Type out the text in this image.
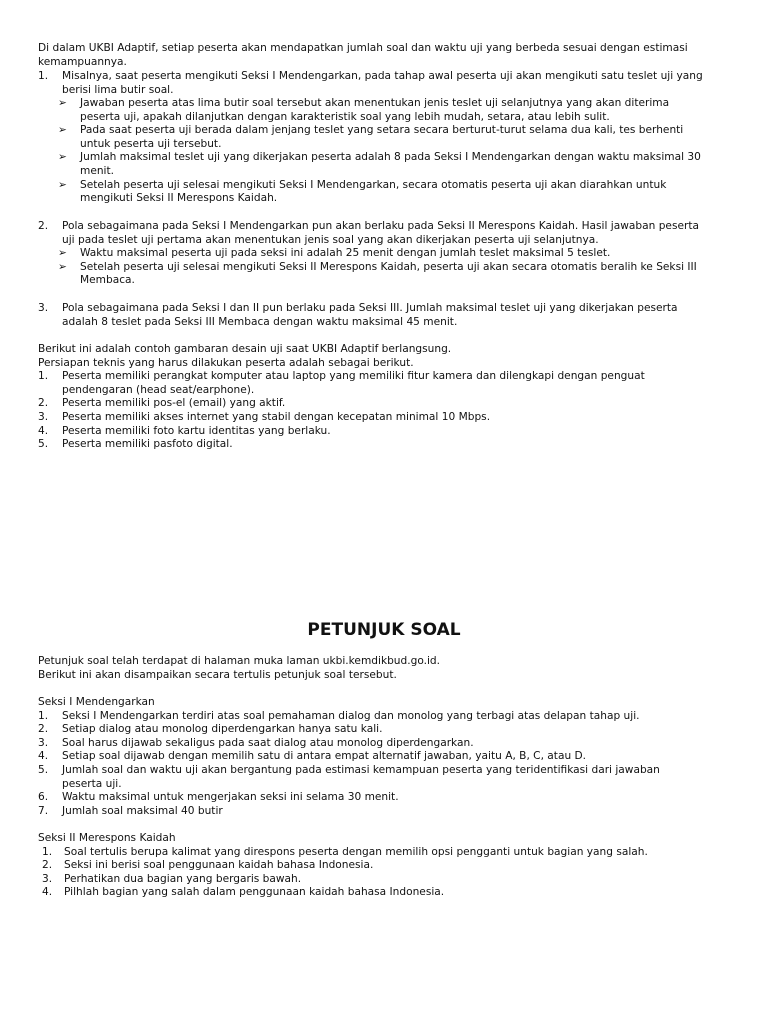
Di dalam UKBI Adaptif, setiap peserta akan mendapatkan jumlah soal dan waktu uji yang berbeda sesuai dengan estimasi
kemampuannya.
1. Misalnya, saat peserta mengikuti Seksi I Mendengarkan, pada tahap awal peserta uji akan mengikuti satu teslet uji yang
berisi lima butir soal.
➢ Jawaban peserta atas lima butir soal tersebut akan menentukan jenis teslet uji selanjutnya yang akan diterima
peserta uji, apakah dilanjutkan dengan karakteristik soal yang lebih mudah, setara, atau lebih sulit.
➢ Pada saat peserta uji berada dalam jenjang teslet yang setara secara berturut-turut selama dua kali, tes berhenti
untuk peserta uji tersebut.
➢ Jumlah maksimal teslet uji yang dikerjakan peserta adalah 8 pada Seksi I Mendengarkan dengan waktu maksimal 30
menit.
➢ Setelah peserta uji selesai mengikuti Seksi I Mendengarkan, secara otomatis peserta uji akan diarahkan untuk
mengikuti Seksi II Merespons Kaidah.
2. Pola sebagaimana pada Seksi I Mendengarkan pun akan berlaku pada Seksi II Merespons Kaidah. Hasil jawaban peserta
uji pada teslet uji pertama akan menentukan jenis soal yang akan dikerjakan peserta uji selanjutnya.
➢ Waktu maksimal peserta uji pada seksi ini adalah 25 menit dengan jumlah teslet maksimal 5 teslet.
➢ Setelah peserta uji selesai mengikuti Seksi II Merespons Kaidah, peserta uji akan secara otomatis beralih ke Seksi III
Membaca.
3. Pola sebagaimana pada Seksi I dan II pun berlaku pada Seksi III. Jumlah maksimal teslet uji yang dikerjakan peserta
adalah 8 teslet pada Seksi III Membaca dengan waktu maksimal 45 menit.
Berikut ini adalah contoh gambaran desain uji saat UKBI Adaptif berlangsung.
Persiapan teknis yang harus dilakukan peserta adalah sebagai berikut.
1. Peserta memiliki perangkat komputer atau laptop yang memiliki fitur kamera dan dilengkapi dengan penguat
pendengaran (head seat/earphone).
2. Peserta memiliki pos-el (email) yang aktif.
3. Peserta memiliki akses internet yang stabil dengan kecepatan minimal 10 Mbps.
4. Peserta memiliki foto kartu identitas yang berlaku.
5. Peserta memiliki pasfoto digital.
PETUNJUK SOAL
Petunjuk soal telah terdapat di halaman muka laman ukbi.kemdikbud.go.id.
Berikut ini akan disampaikan secara tertulis petunjuk soal tersebut.
Seksi I Mendengarkan
1. Seksi I Mendengarkan terdiri atas soal pemahaman dialog dan monolog yang terbagi atas delapan tahap uji.
2. Setiap dialog atau monolog diperdengarkan hanya satu kali.
3. Soal harus dijawab sekaligus pada saat dialog atau monolog diperdengarkan.
4. Setiap soal dijawab dengan memilih satu di antara empat alternatif jawaban, yaitu A, B, C, atau D.
5. Jumlah soal dan waktu uji akan bergantung pada estimasi kemampuan peserta yang teridentifikasi dari jawaban
peserta uji.
6. Waktu maksimal untuk mengerjakan seksi ini selama 30 menit.
7. Jumlah soal maksimal 40 butir
Seksi II Merespons Kaidah
1. Soal tertulis berupa kalimat yang direspons peserta dengan memilih opsi pengganti untuk bagian yang salah.
2. Seksi ini berisi soal penggunaan kaidah bahasa Indonesia.
3. Perhatikan dua bagian yang bergaris bawah.
4. Pilhlah bagian yang salah dalam penggunaan kaidah bahasa Indonesia.
